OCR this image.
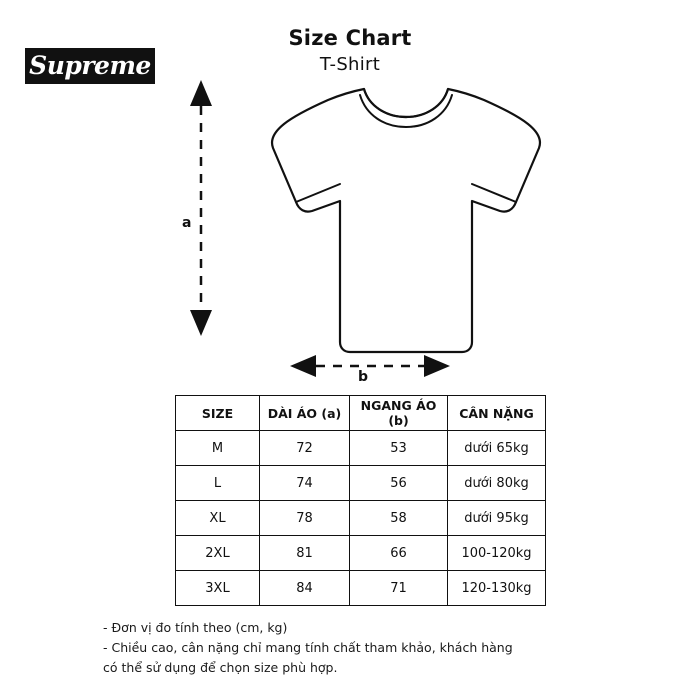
Supreme
Size Chart
T-Shirt
a
b
SIZE	DÀI ÁO (a)	NGANG ÁO (b)	CÂN NẶNG
M	72	53	dưới 65kg
L	74	56	dưới 80kg
XL	78	58	dưới 95kg
2XL	81	66	100-120kg
3XL	84	71	120-130kg
- Đơn vị đo tính theo (cm, kg)
- Chiều cao, cân nặng chỉ mang tính chất tham khảo, khách hàng
có thể sử dụng để chọn size phù hợp.
